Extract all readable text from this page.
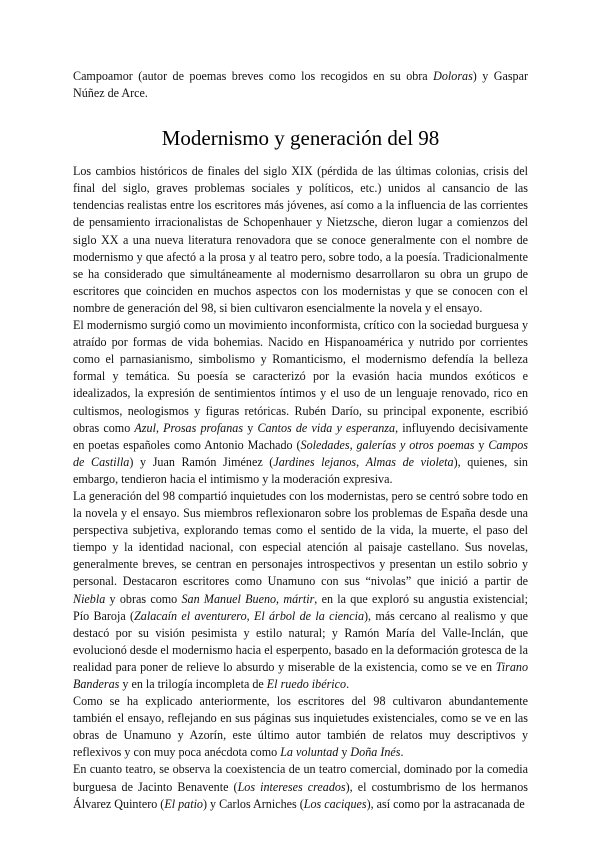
Campoamor (autor de poemas breves como los recogidos en su obra Doloras) y Gaspar Núñez de Arce.

Modernismo y generación del 98

Los cambios históricos de finales del siglo XIX (pérdida de las últimas colonias, crisis del final del siglo, graves problemas sociales y políticos, etc.) unidos al cansancio de las tendencias realistas entre los escritores más jóvenes, así como a la influencia de las corrientes de pensamiento irracionalistas de Schopenhauer y Nietzsche, dieron lugar a comienzos del siglo XX a una nueva literatura renovadora que se conoce generalmente con el nombre de modernismo y que afectó a la prosa y al teatro pero, sobre todo, a la poesía. Tradicionalmente se ha considerado que simultáneamente al modernismo desarrollaron su obra un grupo de escritores que coinciden en muchos aspectos con los modernistas y que se conocen con el nombre de generación del 98, si bien cultivaron esencialmente la novela y el ensayo.

El modernismo surgió como un movimiento inconformista, crítico con la sociedad burguesa y atraído por formas de vida bohemias. Nacido en Hispanoamérica y nutrido por corrientes como el parnasianismo, simbolismo y Romanticismo, el modernismo defendía la belleza formal y temática. Su poesía se caracterizó por la evasión hacia mundos exóticos e idealizados, la expresión de sentimientos íntimos y el uso de un lenguaje renovado, rico en cultismos, neologismos y figuras retóricas. Rubén Darío, su principal exponente, escribió obras como Azul, Prosas profanas y Cantos de vida y esperanza, influyendo decisivamente en poetas españoles como Antonio Machado (Soledades, galerías y otros poemas y Campos de Castilla) y Juan Ramón Jiménez (Jardines lejanos, Almas de violeta), quienes, sin embargo, tendieron hacia el intimismo y la moderación expresiva.

La generación del 98 compartió inquietudes con los modernistas, pero se centró sobre todo en la novela y el ensayo. Sus miembros reflexionaron sobre los problemas de España desde una perspectiva subjetiva, explorando temas como el sentido de la vida, la muerte, el paso del tiempo y la identidad nacional, con especial atención al paisaje castellano. Sus novelas, generalmente breves, se centran en personajes introspectivos y presentan un estilo sobrio y personal. Destacaron escritores como Unamuno con sus “nivolas” que inició a partir de Niebla y obras como San Manuel Bueno, mártir, en la que exploró su angustia existencial; Pío Baroja (Zalacaín el aventurero, El árbol de la ciencia), más cercano al realismo y que destacó por su visión pesimista y estilo natural; y Ramón María del Valle-Inclán, que evolucionó desde el modernismo hacia el esperpento, basado en la deformación grotesca de la realidad para poner de relieve lo absurdo y miserable de la existencia, como se ve en Tirano Banderas y en la trilogía incompleta de El ruedo ibérico.

Como se ha explicado anteriormente, los escritores del 98 cultivaron abundantemente también el ensayo, reflejando en sus páginas sus inquietudes existenciales, como se ve en las obras de Unamuno y Azorín, este último autor también de relatos muy descriptivos y reflexivos y con muy poca anécdota como La voluntad y Doña Inés.

En cuanto teatro, se observa la coexistencia de un teatro comercial, dominado por la comedia burguesa de Jacinto Benavente (Los intereses creados), el costumbrismo de los hermanos Álvarez Quintero (El patio) y Carlos Arniches (Los caciques), así como por la astracanada de
